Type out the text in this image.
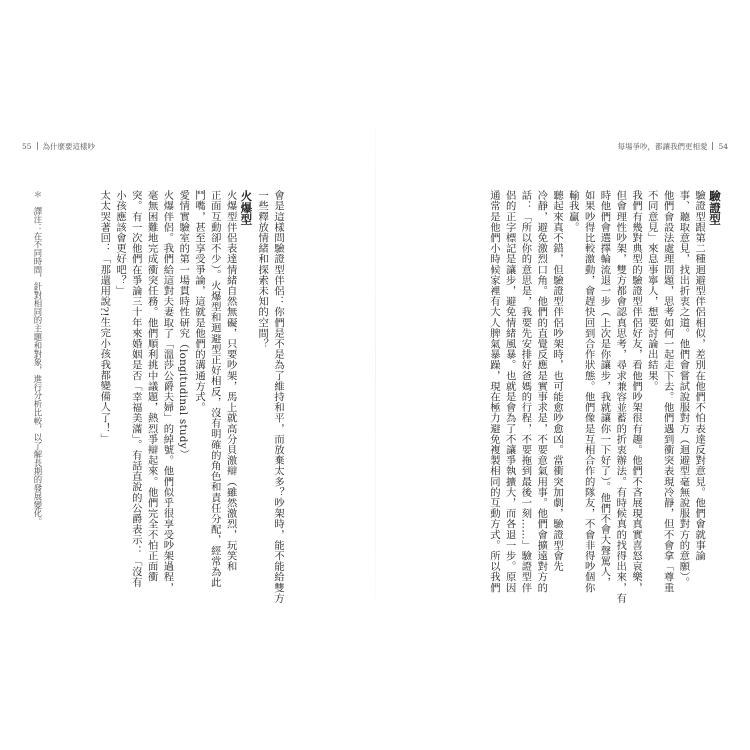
55 為什麼要這樣吵	每場爭吵，都讓我們更相愛 54
驗證型
驗證型跟第二種迴避型伴侶相似，差別在他們不怕表達反對意見。他們會就事論
事、聽取意見，找出折衷之道。他們會嘗試說服對方（迴避型毫無說服對方的意願）。
他們會設法處理問題，思考如何一起走下去。他們遇到衝突表現冷靜，但不會拿「尊重
不同意見」來息事寧人，想要討論出結果。
我們有幾對典型的驗證型伴侶好友，看他們吵架很有趣。他們不吝展現真實喜怒哀樂，
但會理性吵架，雙方都會認真思考，尋求兼容並蓄的折衷辦法。有時候真的找得出來，有
時他們會選擇輪流退一步（上次是你讓步，我就讓你一下好了）。他們不會大聲罵人，
如果吵得比較激動，會趕快回到合作狀態。他們像是互相合作的隊友，不會非得吵個你
輸我贏。
聽起來真不錯，但驗證型伴侶吵架時，也可能愈吵愈凶。當衝突加劇，驗證型會先
冷靜，避免激烈口角。他們的直覺反應是實事求是，不要意氣用事。他們會擴遠對方的
話：「所以你的意思是，我要先安排好爸媽的行程，不要拖到最後一刻……」驗證型伴
侶的正字標記是讓步，避免情緒風暴。也就是會為了不讓爭執擴大，而各退一步。原因
通常是他們小時候家裡有大人脾氣暴躁，現在極力避免複製相同的互動方式。所以我們
會是這樣問驗證型伴侶：你們是不是為了維持和平，而放棄太多？吵架時，能不能給雙方
一些釋放情緒和探索未知的空間？
火爆型
火爆型伴侶表達情緒自然無礙，只要吵架，馬上就高分貝激辯（雖然激烈，玩笑和
正面互動卻不少）。火爆型和迴避型正好相反，沒有明確的角色和責任分配，經常為此
鬥嘴，甚至享受爭論，這就是他們的溝通方式。
愛情實驗室的第一場貫時性研究（longitudinal study）
火爆伴侶。我們給這對夫妻取了「溫莎公爵夫婦」的綽號。他們似乎很享受吵架過程，
毫無困難地完成衝突任務。他們順利挑中議題，熱烈爭辯起來。他們完全不怕正面衝
突。有一次他們在爭論三十年來婚姻是否「幸福美滿」。有話直說的公爵表示：「沒有
小孩應該會更好吧？」
太太哭著回：「那還用說?!生完小孩我都變備人了！」
＊　譯注：在不同時間，針對相同的主題和對象，進行分析比較，以了解長期的發展變化。
